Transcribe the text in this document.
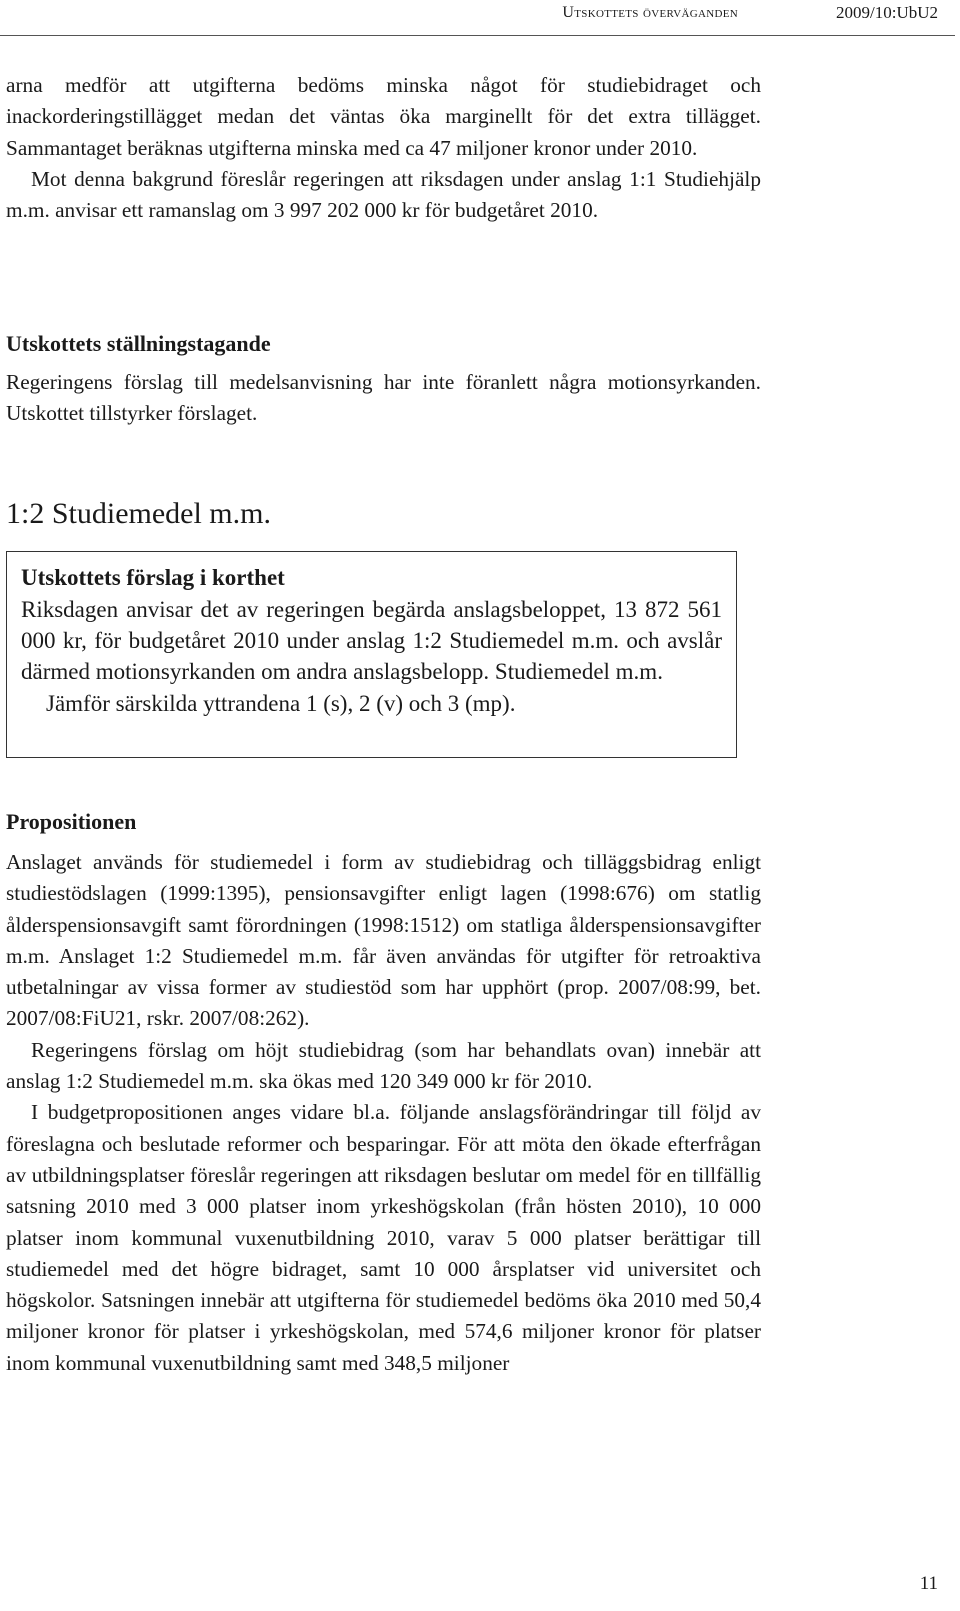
Utskottets överväganden	2009/10:UbU2

arna medför att utgifterna bedöms minska något för studiebidraget och inackorderingstillägget medan det väntas öka marginellt för det extra tillägget. Sammantaget beräknas utgifterna minska med ca 47 miljoner kronor under 2010.

Mot denna bakgrund föreslår regeringen att riksdagen under anslag 1:1 Studiehjälp m.m. anvisar ett ramanslag om 3 997 202 000 kr för budgetåret 2010.

Utskottets ställningstagande

Regeringens förslag till medelsanvisning har inte föranlett några motionsyrkanden. Utskottet tillstyrker förslaget.

1:2 Studiemedel m.m.
Utskottets förslag i korthet

Riksdagen anvisar det av regeringen begärda anslagsbeloppet, 13 872 561 000 kr, för budgetåret 2010 under anslag 1:2 Studiemedel m.m. och avslår därmed motionsyrkanden om andra anslagsbelopp. Studiemedel m.m.

Jämför särskilda yttrandena 1 (s), 2 (v) och 3 (mp).

Propositionen

Anslaget används för studiemedel i form av studiebidrag och tilläggsbidrag enligt studiestödslagen (1999:1395), pensionsavgifter enligt lagen (1998:676) om statlig ålderspensionsavgift samt förordningen (1998:1512) om statliga ålderspensionsavgifter m.m. Anslaget 1:2 Studiemedel m.m. får även användas för utgifter för retroaktiva utbetalningar av vissa former av studiestöd som har upphört (prop. 2007/08:99, bet. 2007/08:FiU21, rskr. 2007/08:262).

Regeringens förslag om höjt studiebidrag (som har behandlats ovan) innebär att anslag 1:2 Studiemedel m.m. ska ökas med 120 349 000 kr för 2010.

I budgetpropositionen anges vidare bl.a. följande anslagsförändringar till följd av föreslagna och beslutade reformer och besparingar. För att möta den ökade efterfrågan av utbildningsplatser föreslår regeringen att riksdagen beslutar om medel för en tillfällig satsning 2010 med 3 000 platser inom yrkeshögskolan (från hösten 2010), 10 000 platser inom kommunal vuxenutbildning 2010, varav 5 000 platser berättigar till studiemedel med det högre bidraget, samt 10 000 årsplatser vid universitet och högskolor. Satsningen innebär att utgifterna för studiemedel bedöms öka 2010 med 50,4 miljoner kronor för platser i yrkeshögskolan, med 574,6 miljoner kronor för platser inom kommunal vuxenutbildning samt med 348,5 miljoner

11
